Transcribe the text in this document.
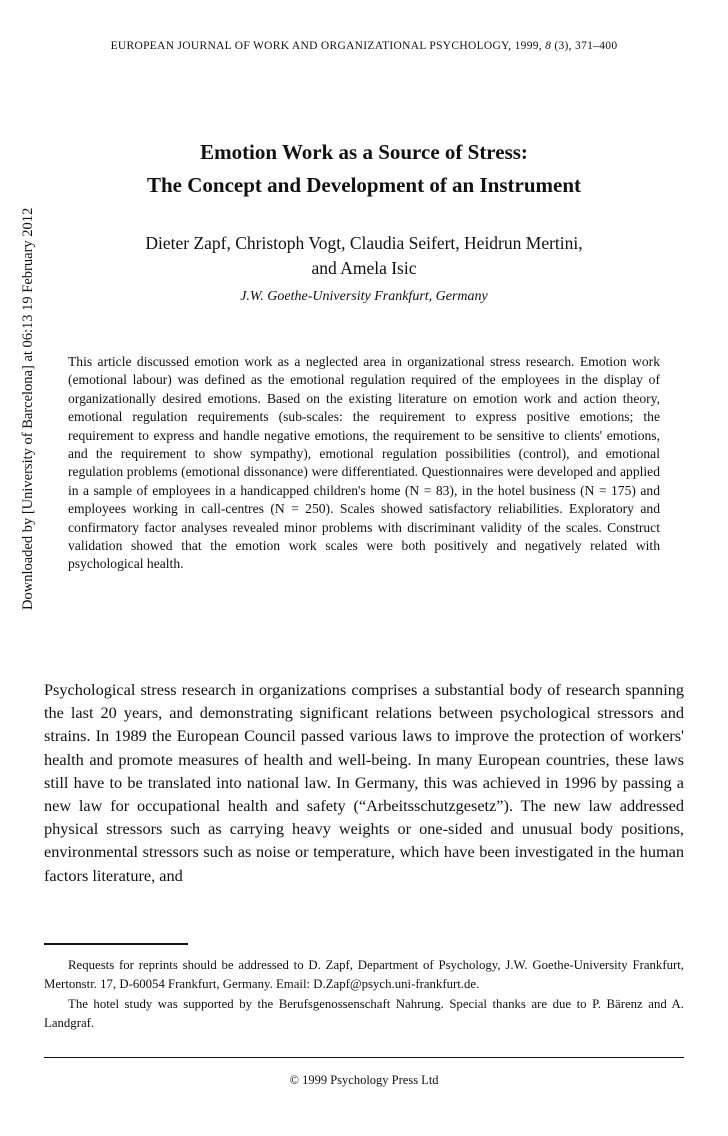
EUROPEAN JOURNAL OF WORK AND ORGANIZATIONAL PSYCHOLOGY, 1999, 8 (3), 371–400
Downloaded by [University of Barcelona] at 06:13 19 February 2012
Emotion Work as a Source of Stress:
The Concept and Development of an Instrument
Dieter Zapf, Christoph Vogt, Claudia Seifert, Heidrun Mertini,
and Amela Isic
J.W. Goethe-University Frankfurt, Germany
This article discussed emotion work as a neglected area in organizational stress research. Emotion work (emotional labour) was defined as the emotional regulation required of the employees in the display of organizationally desired emotions. Based on the existing literature on emotion work and action theory, emotional regulation requirements (sub-scales: the requirement to express positive emotions; the requirement to express and handle negative emotions, the requirement to be sensitive to clients' emotions, and the requirement to show sympathy), emotional regulation possibilities (control), and emotional regulation problems (emotional dissonance) were differentiated. Questionnaires were developed and applied in a sample of employees in a handicapped children's home (N = 83), in the hotel business (N = 175) and employees working in call-centres (N = 250). Scales showed satisfactory reliabilities. Exploratory and confirmatory factor analyses revealed minor problems with discriminant validity of the scales. Construct validation showed that the emotion work scales were both positively and negatively related with psychological health.
Psychological stress research in organizations comprises a substantial body of research spanning the last 20 years, and demonstrating significant relations between psychological stressors and strains. In 1989 the European Council passed various laws to improve the protection of workers' health and promote measures of health and well-being. In many European countries, these laws still have to be translated into national law. In Germany, this was achieved in 1996 by passing a new law for occupational health and safety (“Arbeitsschutzgesetz”). The new law addressed physical stressors such as carrying heavy weights or one-sided and unusual body positions, environmental stressors such as noise or temperature, which have been investigated in the human factors literature, and

Requests for reprints should be addressed to D. Zapf, Department of Psychology, J.W. Goethe-University Frankfurt, Mertonstr. 17, D-60054 Frankfurt, Germany. Email: D.Zapf@psych.uni-frankfurt.de.

The hotel study was supported by the Berufsgenossenschaft Nahrung. Special thanks are due to P. Bärenz and A. Landgraf.

© 1999 Psychology Press Ltd
